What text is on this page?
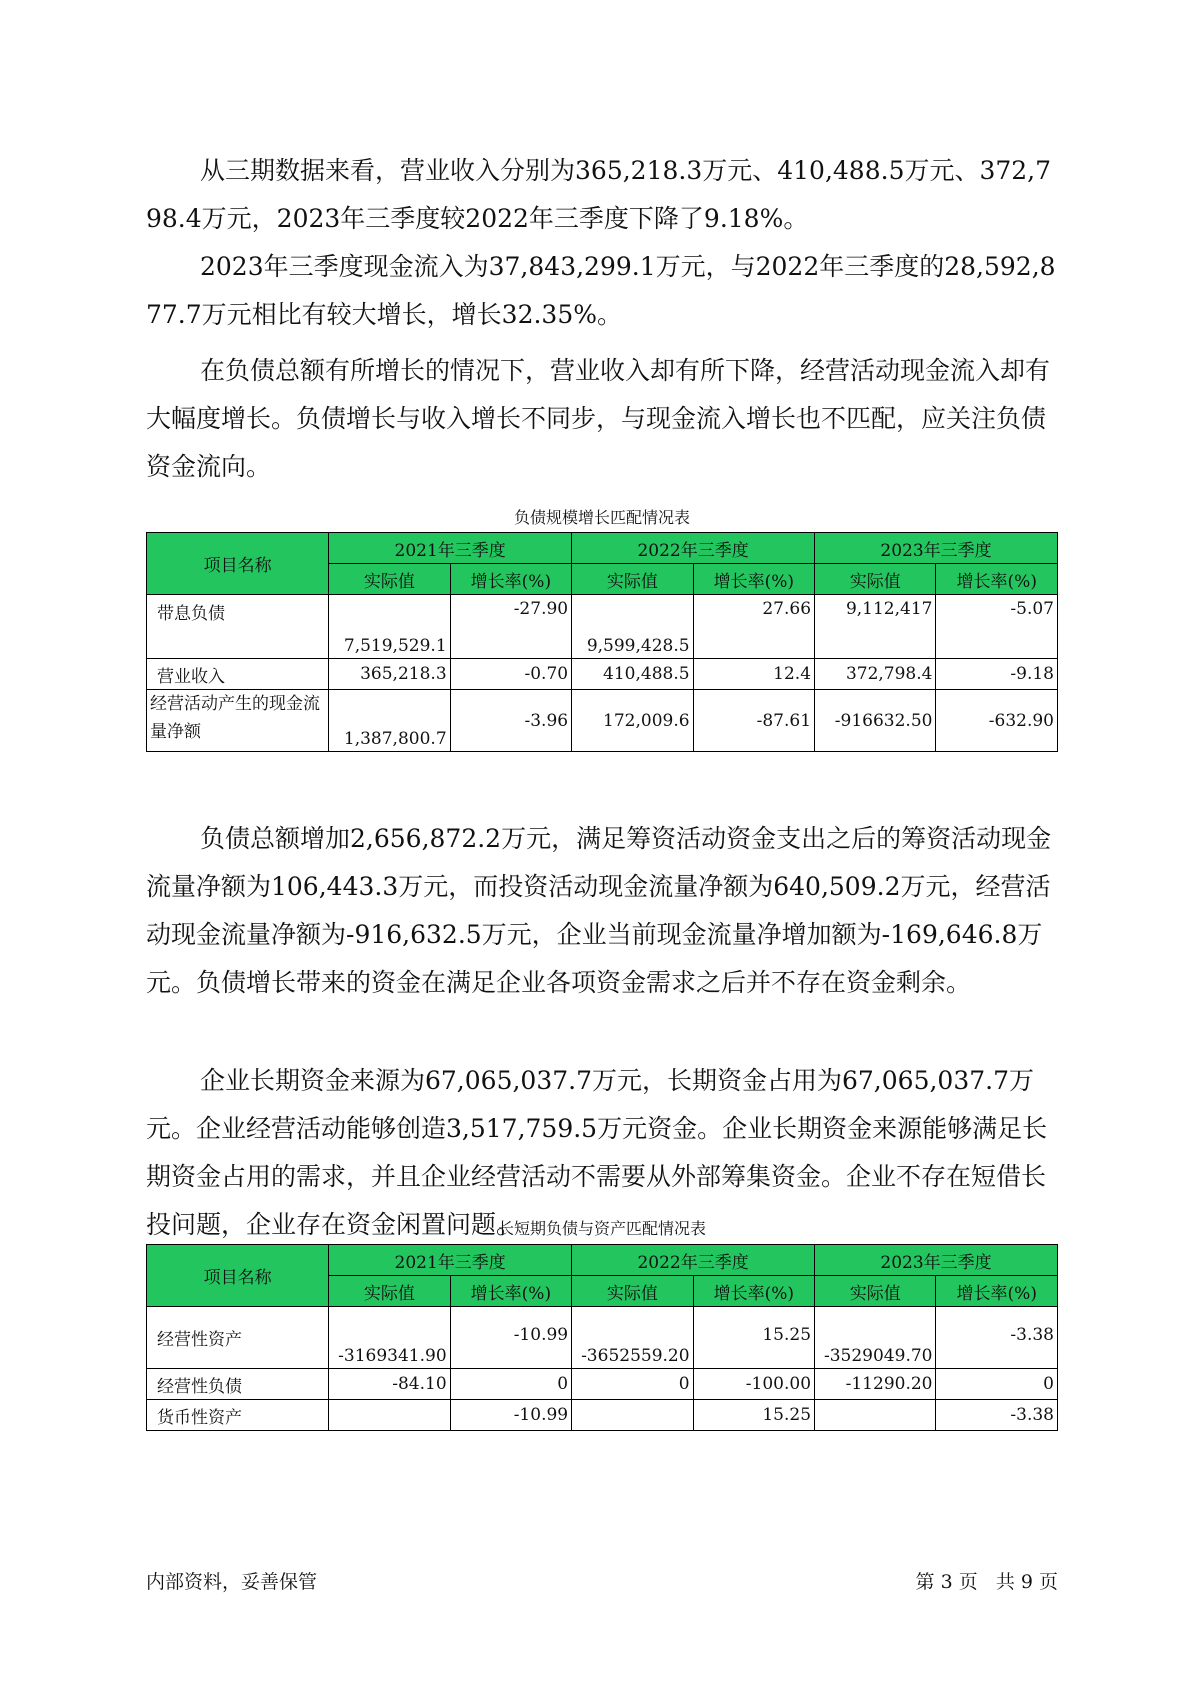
从三期数据来看，营业收入分别为365,218.3万元、410,488.5万元、372,798.4万元，2023年三季度较2022年三季度下降了9.18%。

2023年三季度现金流入为37,843,299.1万元，与2022年三季度的28,592,877.7万元相比有较大增长，增长32.35%。

在负债总额有所增长的情况下，营业收入却有所下降，经营活动现金流入却有大幅度增长。负债增长与收入增长不同步，与现金流入增长也不匹配，应关注负债资金流向。

负债规模增长匹配情况表

项目名称	2021年三季度		2022年三季度		2023年三季度	
	实际值	增长率(%)	实际值	增长率(%)	实际值	增长率(%)
带息负债	7,519,529.1	-27.90	9,599,428.5	27.66	9,112,417	-5.07
营业收入	365,218.3	-0.70	410,488.5	12.4	372,798.4	-9.18
经营活动产生的现金流量净额	1,387,800.7	-3.96	172,009.6	-87.61	-916632.50	-632.90

负债总额增加2,656,872.2万元，满足筹资活动资金支出之后的筹资活动现金流量净额为106,443.3万元，而投资活动现金流量净额为640,509.2万元，经营活动现金流量净额为-916,632.5万元，企业当前现金流量净增加额为-169,646.8万元。负债增长带来的资金在满足企业各项资金需求之后并不存在资金剩余。

企业长期资金来源为67,065,037.7万元，长期资金占用为67,065,037.7万元。企业经营活动能够创造3,517,759.5万元资金。企业长期资金来源能够满足长期资金占用的需求，并且企业经营活动不需要从外部筹集资金。企业不存在短借长投问题，企业存在资金闲置问题。

长短期负债与资产匹配情况表

项目名称	2021年三季度		2022年三季度		2023年三季度	
	实际值	增长率(%)	实际值	增长率(%)	实际值	增长率(%)
经营性资产	-3169341.90	-10.99	-3652559.20	15.25	-3529049.70	-3.38
经营性负债	-84.10	0	0	-100.00	-11290.20	0
货币性资产		-10.99		15.25		-3.38

内部资料，妥善保管	第 3 页   共 9 页
